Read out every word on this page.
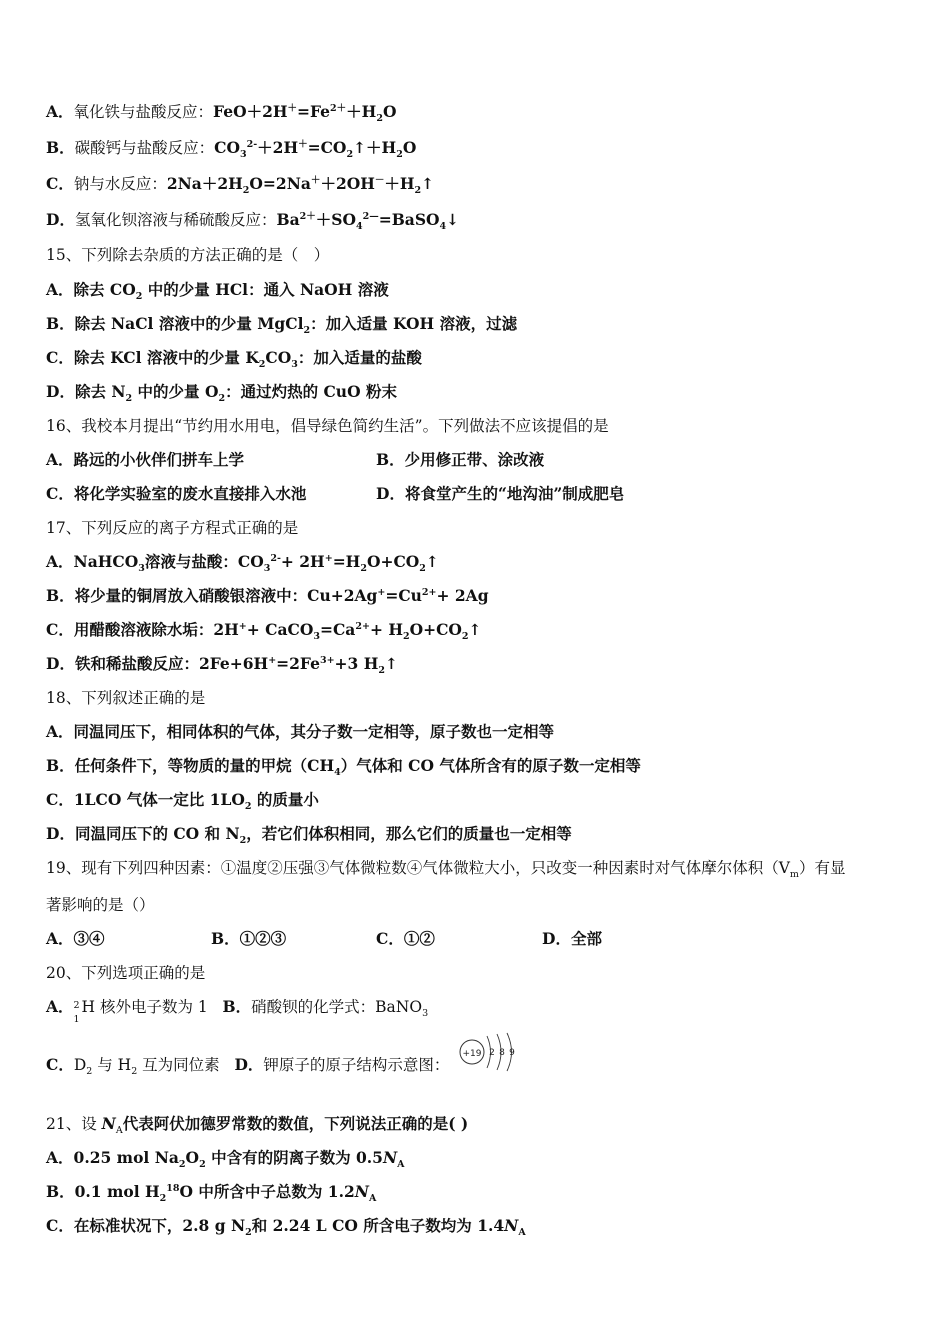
A．氧化铁与盐酸反应：$FeO+2H^+=Fe^{2+}+H_2O$
B．碳酸钙与盐酸反应：$CO_3^{2-}+2H^+=CO_2↑+H_2O$
C．钠与水反应：$2Na+2H_2O=2Na^++2OH^-+H_2↑$
D．氢氧化钡溶液与稀硫酸反应：$Ba^{2+}+SO_4^{2—}=BaSO_4↓$
15、下列除去杂质的方法正确的是（　）
A．除去 $CO_2$ 中的少量 HCl：通入 NaOH 溶液
B．除去 NaCl 溶液中的少量 MgCl$_2$：加入适量 KOH 溶液，过滤
C．除去 KCl 溶液中的少量 $K_2CO_3$：加入适量的盐酸
D．除去 $N_2$ 中的少量 $O_2$：通过灼热的 CuO 粉末
16、我校本月提出“节约用水用电，倡导绿色简约生活”。下列做法不应该提倡的是
A．路远的小伙伴们拼车上学	B．少用修正带、涂改液
C．将化学实验室的废水直接排入水池	D．将食堂产生的“地沟油”制成肥皂
17、下列反应的离子方程式正确的是
A．NaHCO$_3$溶液与盐酸：$CO_3^{2-}+$ $2H^+=H_2O+CO_2↑$
B．将少量的铜屑放入硝酸银溶液中：$Cu+2Ag^+=Cu^{2+}+ 2Ag$
C．用醋酸溶液除水垢：$2H^++ CaCO_3=Ca^{2+}+$ $H_2O+CO_2↑$
D．铁和稀盐酸反应：$2Fe+6H^+=2Fe^{3+}+3$ $H_2↑$
18、下列叙述正确的是
A．同温同压下，相同体积的气体，其分子数一定相等，原子数也一定相等
B．任何条件下，等物质的量的甲烷$(CH_4)$气体和 CO 气体所含有的原子数一定相等
C．1LCO 气体一定比 $1LO_2$ 的质量小
D．同温同压下的 CO 和 $N_2$，若它们体积相同，那么它们的质量也一定相等
19、现有下列四种因素：①温度②压强③气体微粒数④气体微粒大小，只改变一种因素时对气体摩尔体积$(V_m)$有显
著影响的是（）
A．③④	B．①②③	C．①②	D．全部
20、下列选项正确的是
A． 2
1
H 核外电子数为 1 B．硝酸钡的化学式：BaNO$_3$
C．$D_2$ 与 $H_2$ 互为同位素 D．钾原子的原子结构示意图：
+19 2 8 9
21、设 $N_A$代表阿伏加德罗常数的数值，下列说法正确的是( )
A．0.25 mol $Na_2O_2$ 中含有的阴离子数为 $0.5N_A$
B．0.1 mol $H_2^{18}O$ 中所含中子总数为 $1.2N_A$
C．在标准状况下，2.8 g $N_2$和 2.24 L CO 所含电子数均为 $1.4N_A$
